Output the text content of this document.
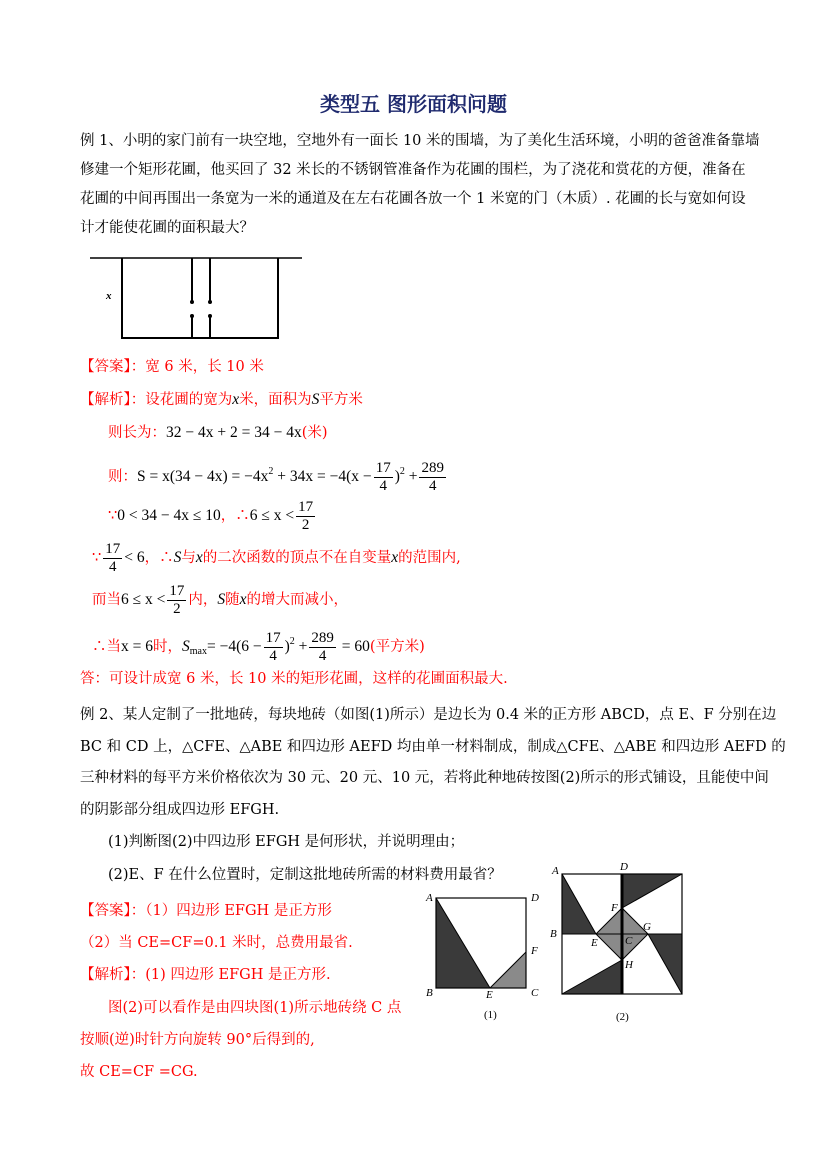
类型五 图形面积问题
例 1、小明的家门前有一块空地，空地外有一面长 10 米的围墙，为了美化生活环境，小明的爸爸准备靠墙
修建一个矩形花圃，他买回了 32 米长的不锈钢管准备作为花圃的围栏，为了浇花和赏花的方便，准备在
花圃的中间再围出一条宽为一米的通道及在左右花圃各放一个 1 米宽的门（木质）. 花圃的长与宽如何设
计才能使花圃的面积最大？
x
【答案】：宽 6 米，长 10 米
【解析】：设花圃的宽为x米，面积为S平方米
则长为：32 − 4x + 2 = 34 − 4x(米)
则：$S = x(34 - 4x) = -4x^2 + 34x = -4(x - \frac{17}{4} )^2 + \frac{289}{4}$
∵0 < 34 − 4x ≤ 10，∴6 ≤ $x < \frac{17}{2}$
∵ $\frac{17}{4} < 6$，∴S与x的二次函数的顶点不在自变量x的范围内,
而当$6 \le x < \frac{17}{2}$ 内，S随x的增大而减小，
∴当x = 6时，$S_{max}= -4(6 - \frac{17}{4} )^2 + \frac{289}{4} = 60$(平方米)
答：可设计成宽 6 米，长 10 米的矩形花圃，这样的花圃面积最大.
例 2、某人定制了一批地砖，每块地砖（如图(1)所示）是边长为 0.4 米的正方形 ABCD，点 E、F 分别在边
BC 和 CD 上，△CFE、△ABE 和四边形 AEFD 均由单一材料制成，制成△CFE、△ABE 和四边形 AEFD 的
三种材料的每平方米价格依次为 30 元、20 元、10 元，若将此种地砖按图(2)所示的形式铺设，且能使中间
的阴影部分组成四边形 EFGH.
(1)判断图(2)中四边形 EFGH 是何形状，并说明理由；
(2)E、F 在什么位置时，定制这批地砖所需的材料费用最省？
【答案】：（1）四边形 EFGH 是正方形
（2）当 CE=CF=0.1 米时，总费用最省.
【解析】：(1) 四边形 EFGH 是正方形.
图(2)可以看作是由四块图(1)所示地砖绕 C 点
按顺(逆)时针方向旋转 90°后得到的,
故 CE=CF =CG.
A
B	C
D
E
F
(1)
A	D
B
E
F
G
C
H
(2)
